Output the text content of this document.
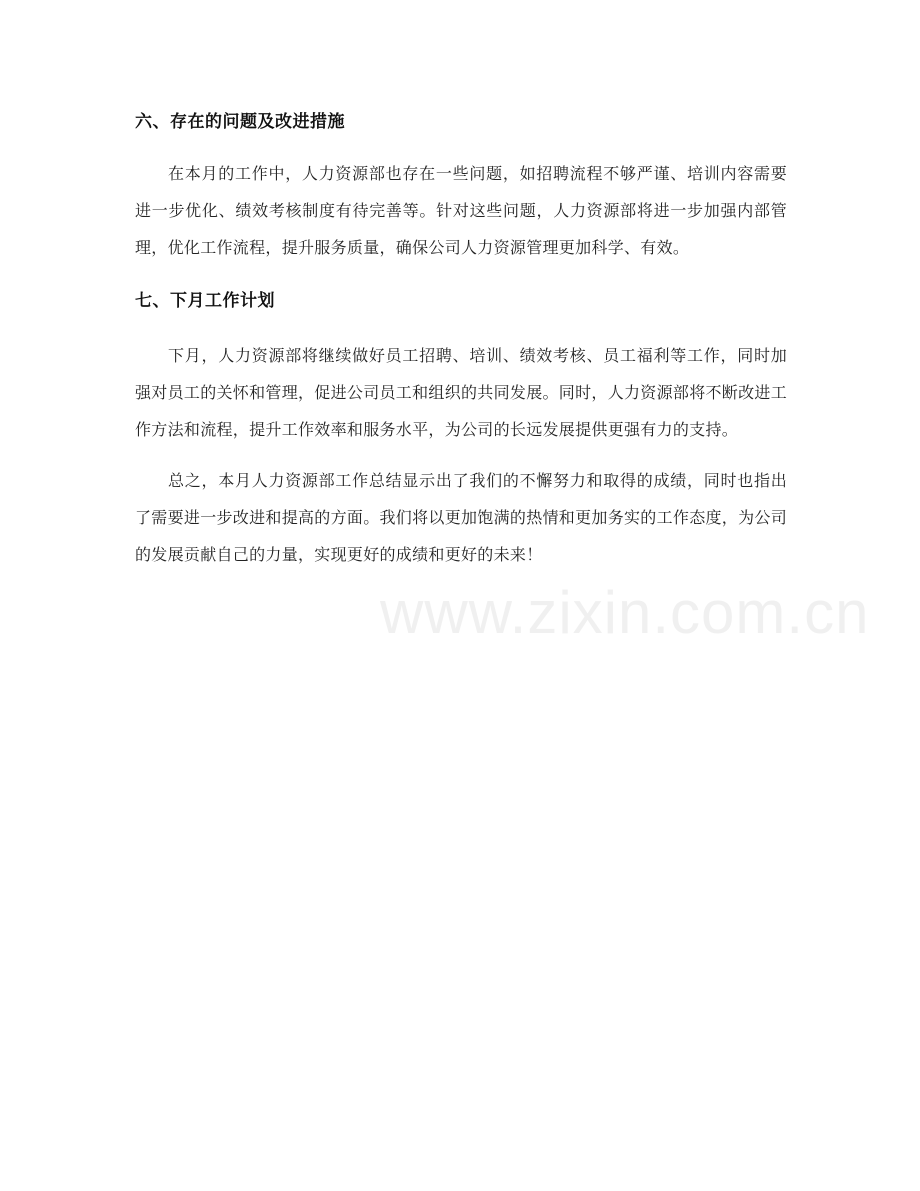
六、存在的问题及改进措施

在本月的工作中，人力资源部也存在一些问题，如招聘流程不够严谨、培训内容需要进一步优化、绩效考核制度有待完善等。针对这些问题，人力资源部将进一步加强内部管理，优化工作流程，提升服务质量，确保公司人力资源管理更加科学、有效。

七、下月工作计划

下月，人力资源部将继续做好员工招聘、培训、绩效考核、员工福利等工作，同时加强对员工的关怀和管理，促进公司员工和组织的共同发展。同时，人力资源部将不断改进工作方法和流程，提升工作效率和服务水平，为公司的长远发展提供更强有力的支持。

总之，本月人力资源部工作总结显示出了我们的不懈努力和取得的成绩，同时也指出了需要进一步改进和提高的方面。我们将以更加饱满的热情和更加务实的工作态度，为公司的发展贡献自己的力量，实现更好的成绩和更好的未来！

www.zixin.com.cn
